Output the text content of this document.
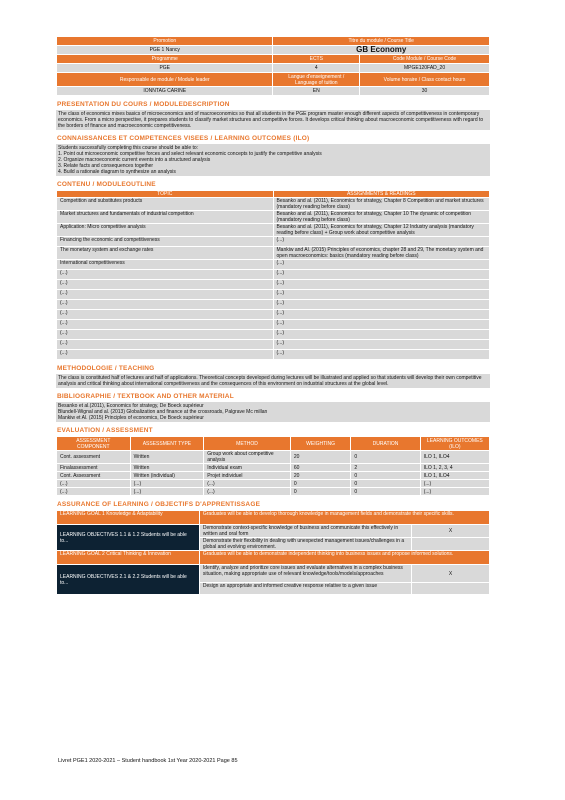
Promotion	Titre du module / Course Title	
PGE 1 Nancy	GB Economy	
Programme	ECTS	Code Module / Course Code
PGE	4	MPGE120FAD_20
Responsable de module / Module leader	Langue d'enseignement / Language of tuition	Volume horaire / Class contact hours
IONNTAG CARINE	EN	30
PRESENTATION DU COURS / MODULEDESCRIPTION
The class of economics mixes basics of microeconomics and of macroeconomics so that all students in the PGE program master enough different aspects of competitiveness in contemporary economics. From a micro perspective, it prepares students to classify market structures and competitive forces. It develops critical thinking about macroeconomic competitiveness with regard to the borders of finance and macroeconomic competitiveness.
CONNAISSANCES ET COMPETENCES VISEES / LEARNING OUTCOMES (ILO)

Students successfully completing this course should be able to:

1. Point out microeconomic competitive forces and select relevant economic concepts to justify the competitive analysis

2. Organize macroeconomic current events into a structured analysis

3. Relate facts and consequences together

4. Build a rationale diagram to synthesize an analysis

CONTENU / MODULEOUTLINE
TOPIC	ASSIGNMENTS & READINGS
Competition and substitutes products	Besanko and al. (2011), Economics for strategy, Chapter 8 Competition and market structures (mandatory reading before class)
Market structures and fundamentals of industrial competition	Besanko and al. (2011), Economics for strategy, Chapter 10 The dynamic of competition (mandatory reading before class)
Application: Micro competitive analysis	Besanko and al. (2011), Economics for strategy, Chapter 12 Industry analysis (mandatory reading before class) + Group work about competitive analysis
Financing the economic and competitiveness	(...)
The monetary system and exchange rates	Mankiw and Al. (2015) Principles of economics, chapter 28 and 29, The monetary system and open macroeconomics: basics (mandatory reading before class)
International competitiveness	(...)
(...)	(...)
(...)	(...)
(...)	(...)
(...)	(...)
(...)	(...)
(...)	(...)
(...)	(...)
(...)	(...)
(...)	(...)
METHODOLOGIE / TEACHING
The class is constituted half of lectures and half of applications. Theoretical concepts developed during lectures will be illustrated and applied so that students will develop their own competitive analysis and critical thinking about international competitiveness and the consequences of this environment on industrial structures at the global level.
BIBLIOGRAPHIE / TEXTBOOK AND OTHER MATERIAL

Besanko et al.(2011), Economics for strategy, De Boeck supérieur

Blundell-Wignal and al. (2013) Globalization and finance at the crossroads, Palgrave Mc millan

Mankiw et Al. (2015) Principles of economics, De Boeck supérieur

EVALUATION / ASSESSMENT
ASSESSMENT COMPONENT	ASSESSMENT TYPE	METHOD	WEIGHTING	DURATION	LEARNING OUTCOMES (ILO)
Cont. assessment	Written	Group work about competitive analysis	20	0	ILO 1, ILO4
Finalassessment	Written	Individual exam	60	2	ILO 1, 2, 3, 4
Cont. Assessment	Written (individual)	Projet individuel	20	0	ILO 1, ILO4
(...)	(...)	(...)	0	0	(...)
(...)	(...)	(...)	0	0	(...)
ASSURANCE OF LEARNING / OBJECTIFS D'APPRENTISSAGE
LEARNING GOAL 1 Knowledge & Adaptability	Graduates will be able to develop thorough knowledge in management fields and demonstrate their specific skills.	
LEARNING OBJECTIVES 1.1 & 1.2 Students will be able to...	Demonstrate context-specific knowledge of business and communicate this effectively in written and oral form	X
	Demonstrate their flexibility in dealing with unexpected management issues/challenges in a global and evolving environment.	
LEARNING GOAL 2 Critical Thinking & Innovation	Graduates will be able to demonstrate independent thinking into business issues and propose informed solutions.	
LEARNING OBJECTIVES 2.1 & 2.2 Students will be able to...	Identify, analyze and prioritize core issues and evaluate alternatives in a complex business situation, making appropriate use of relevant knowledge/tools/models/approaches	X
	Design an appropriate and informed creative response relative to a given issue	
Livret PGE1 2020-2021 – Student handbook 1st Year 2020-2021 Page 85
